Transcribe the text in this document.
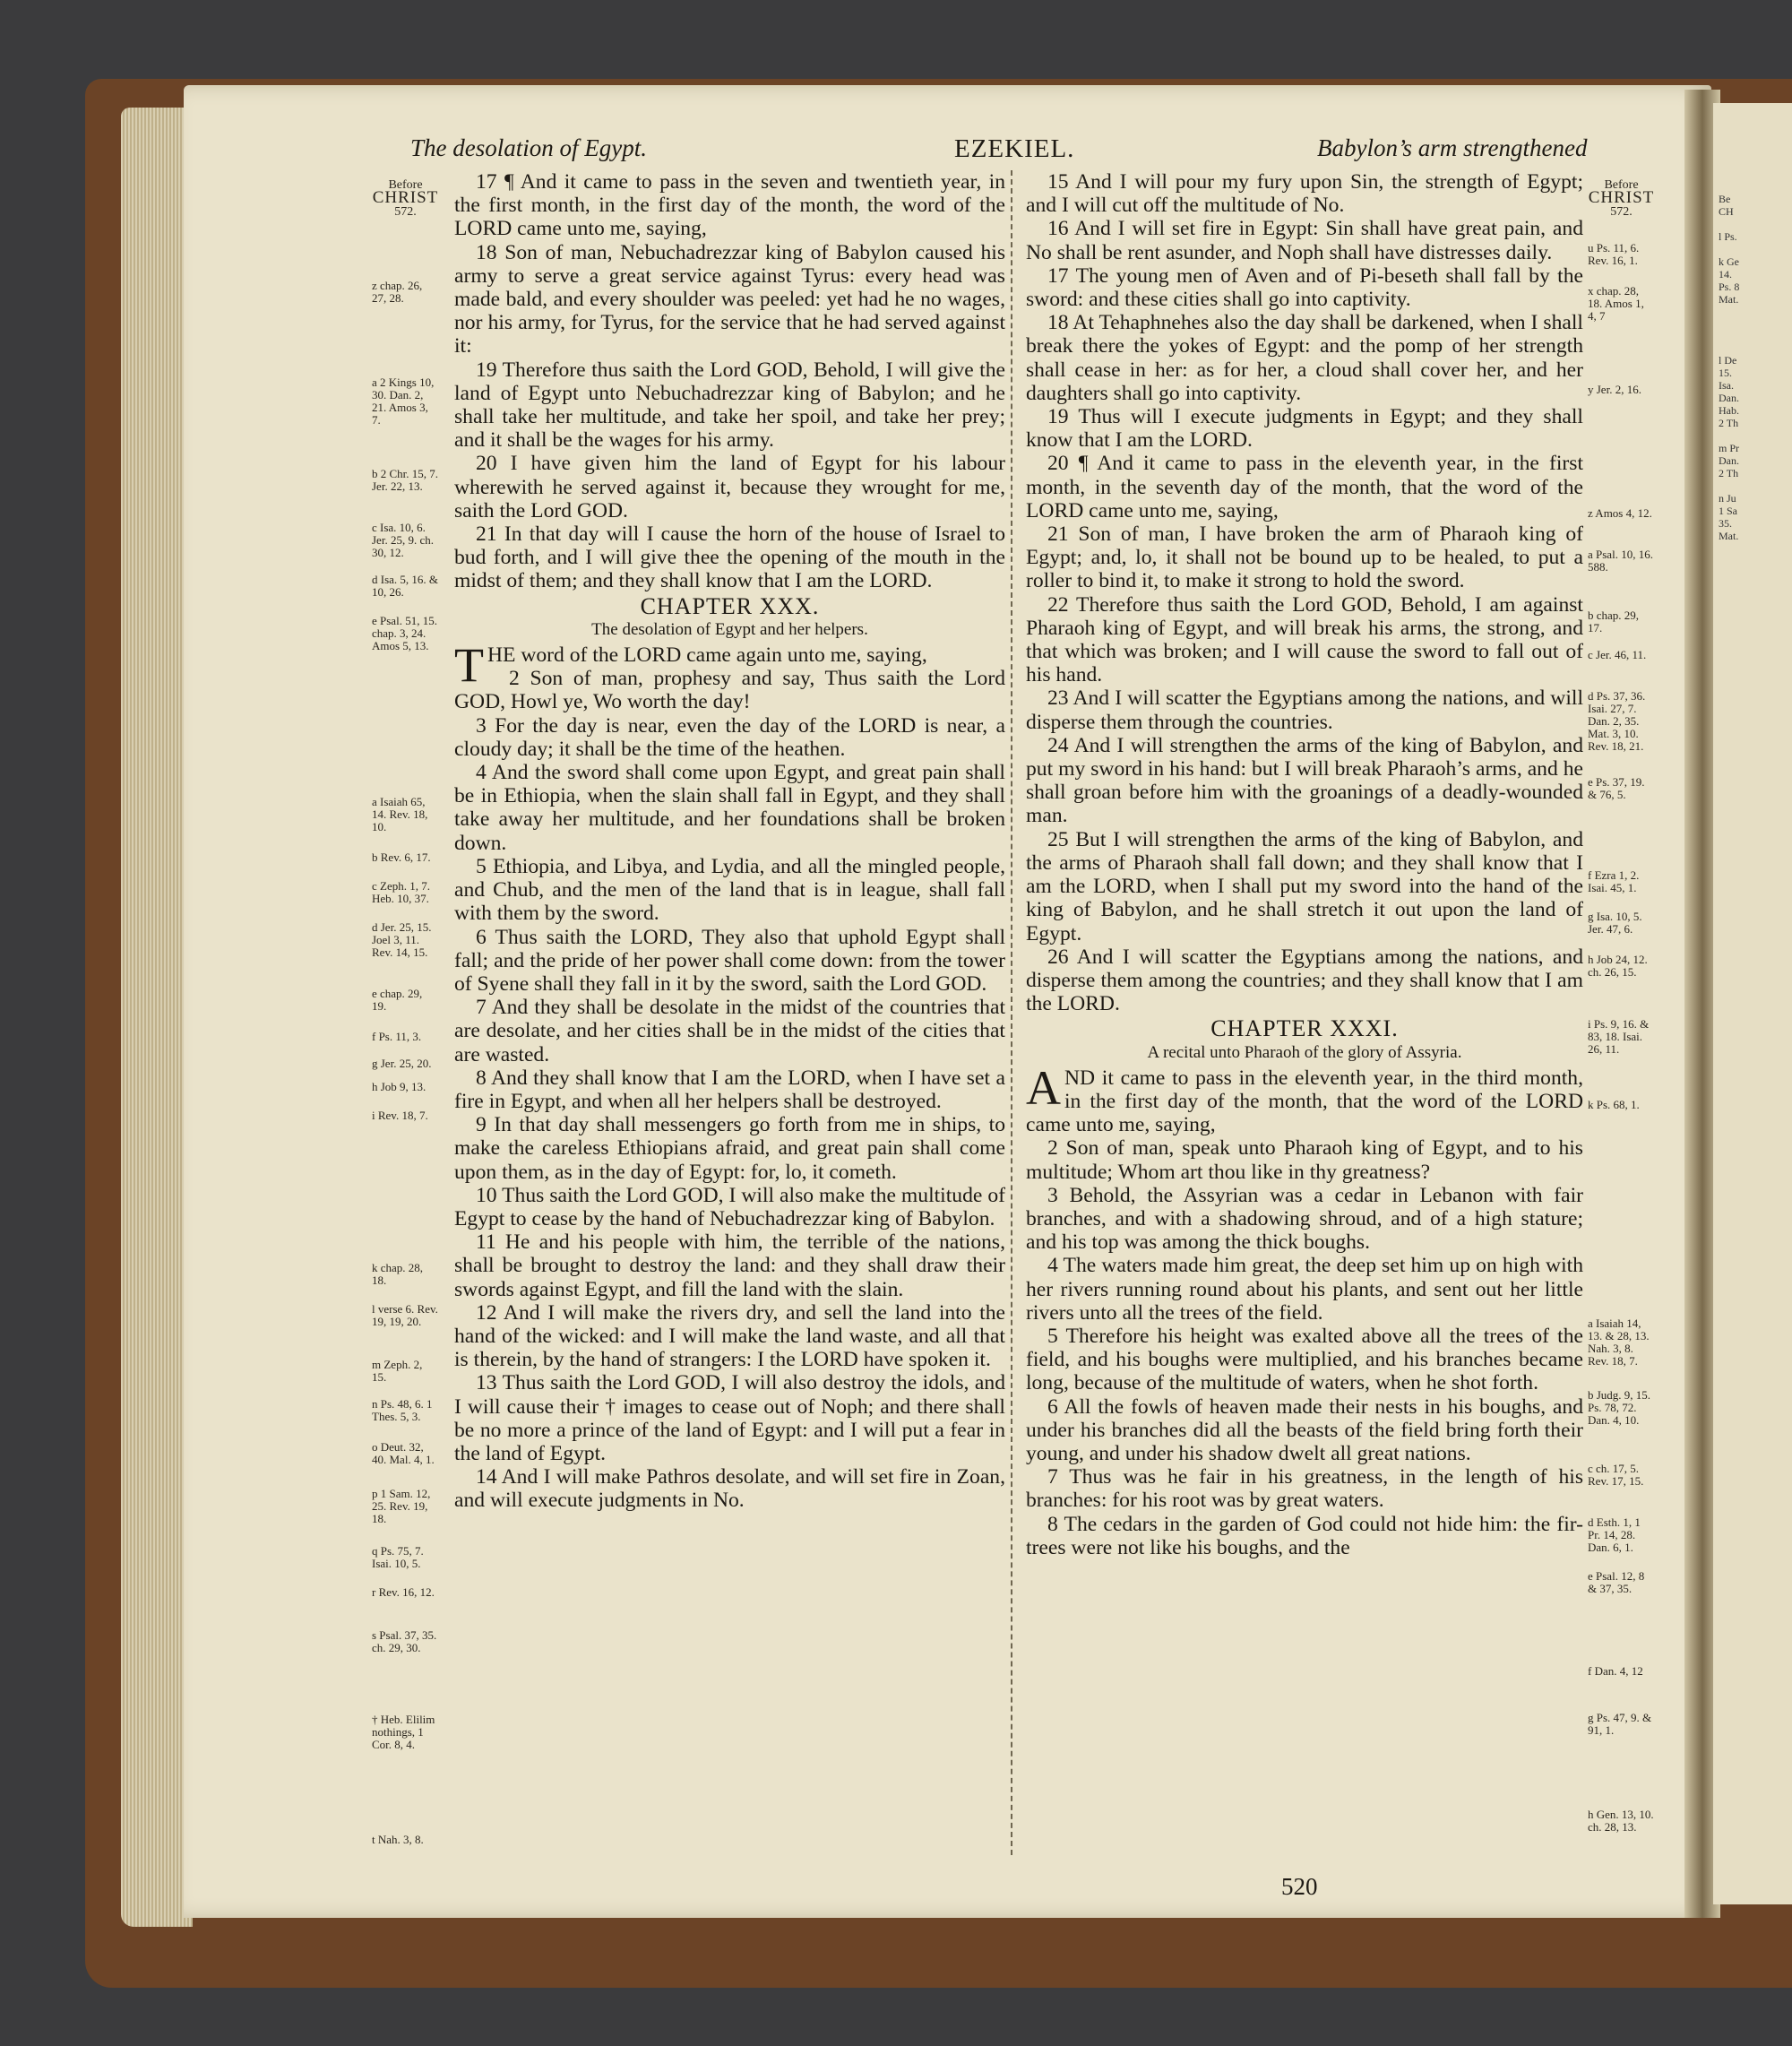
Be
CH

l Ps.

k Ge
14.
Ps. 8
Mat.
l De
15.
Isa.
Dan.
Hab.
2 Th

m Pr
Dan.
2 Th

n Ju
1 Sa
35.
Mat.
The desolation of Egypt.	EZEKIEL.	Babylon’s arm strengthened
Before
CHRIST
572.
Before
CHRIST
572.

17 ¶ And it came to pass in the seven and twentieth year, in the first month, in the first day of the month, the word of the LORD came unto me, saying,

18 Son of man, Nebuchadrezzar king of Babylon caused his army to serve a great service against Tyrus: every head was made bald, and every shoulder was peeled: yet had he no wages, nor his army, for Tyrus, for the service that he had served against it:

19 Therefore thus saith the Lord GOD, Behold, I will give the land of Egypt unto Nebuchadrezzar king of Babylon; and he shall take her multitude, and take her spoil, and take her prey; and it shall be the wages for his army.

20 I have given him the land of Egypt for his labour wherewith he served against it, because they wrought for me, saith the Lord GOD.

21 In that day will I cause the horn of the house of Israel to bud forth, and I will give thee the opening of the mouth in the midst of them; and they shall know that I am the LORD.

CHAPTER XXX.
The desolation of Egypt and her helpers.

THE word of the LORD came again unto me, saying,

2 Son of man, prophesy and say, Thus saith the Lord GOD, Howl ye, Wo worth the day!

3 For the day is near, even the day of the LORD is near, a cloudy day; it shall be the time of the heathen.

4 And the sword shall come upon Egypt, and great pain shall be in Ethiopia, when the slain shall fall in Egypt, and they shall take away her multitude, and her foundations shall be broken down.

5 Ethiopia, and Libya, and Lydia, and all the mingled people, and Chub, and the men of the land that is in league, shall fall with them by the sword.

6 Thus saith the LORD, They also that uphold Egypt shall fall; and the pride of her power shall come down: from the tower of Syene shall they fall in it by the sword, saith the Lord GOD.

7 And they shall be desolate in the midst of the countries that are desolate, and her cities shall be in the midst of the cities that are wasted.

8 And they shall know that I am the LORD, when I have set a fire in Egypt, and when all her helpers shall be destroyed.

9 In that day shall messengers go forth from me in ships, to make the careless Ethiopians afraid, and great pain shall come upon them, as in the day of Egypt: for, lo, it cometh.

10 Thus saith the Lord GOD, I will also make the multitude of Egypt to cease by the hand of Nebuchadrezzar king of Babylon.

11 He and his people with him, the terrible of the nations, shall be brought to destroy the land: and they shall draw their swords against Egypt, and fill the land with the slain.

12 And I will make the rivers dry, and sell the land into the hand of the wicked: and I will make the land waste, and all that is therein, by the hand of strangers: I the LORD have spoken it.

13 Thus saith the Lord GOD, I will also destroy the idols, and I will cause their † images to cease out of Noph; and there shall be no more a prince of the land of Egypt: and I will put a fear in the land of Egypt.

14 And I will make Pathros desolate, and will set fire in Zoan, and will execute judgments in No.

15 And I will pour my fury upon Sin, the strength of Egypt; and I will cut off the multitude of No.

16 And I will set fire in Egypt: Sin shall have great pain, and No shall be rent asunder, and Noph shall have distresses daily.

17 The young men of Aven and of Pi-beseth shall fall by the sword: and these cities shall go into captivity.

18 At Tehaphnehes also the day shall be darkened, when I shall break there the yokes of Egypt: and the pomp of her strength shall cease in her: as for her, a cloud shall cover her, and her daughters shall go into captivity.

19 Thus will I execute judgments in Egypt; and they shall know that I am the LORD.

20 ¶ And it came to pass in the eleventh year, in the first month, in the seventh day of the month, that the word of the LORD came unto me, saying,

21 Son of man, I have broken the arm of Pharaoh king of Egypt; and, lo, it shall not be bound up to be healed, to put a roller to bind it, to make it strong to hold the sword.

22 Therefore thus saith the Lord GOD, Behold, I am against Pharaoh king of Egypt, and will break his arms, the strong, and that which was broken; and I will cause the sword to fall out of his hand.

23 And I will scatter the Egyptians among the nations, and will disperse them through the countries.

24 And I will strengthen the arms of the king of Babylon, and put my sword in his hand: but I will break Pharaoh’s arms, and he shall groan before him with the groanings of a deadly-wounded man.

25 But I will strengthen the arms of the king of Babylon, and the arms of Pharaoh shall fall down; and they shall know that I am the LORD, when I shall put my sword into the hand of the king of Babylon, and he shall stretch it out upon the land of Egypt.

26 And I will scatter the Egyptians among the nations, and disperse them among the countries; and they shall know that I am the LORD.

CHAPTER XXXI.
A recital unto Pharaoh of the glory of Assyria.

AND it came to pass in the eleventh year, in the third month, in the first day of the month, that the word of the LORD came unto me, saying,

2 Son of man, speak unto Pharaoh king of Egypt, and to his multitude; Whom art thou like in thy greatness?

3 Behold, the Assyrian was a cedar in Lebanon with fair branches, and with a shadowing shroud, and of a high stature; and his top was among the thick boughs.

4 The waters made him great, the deep set him up on high with her rivers running round about his plants, and sent out her little rivers unto all the trees of the field.

5 Therefore his height was exalted above all the trees of the field, and his boughs were multiplied, and his branches became long, because of the multitude of waters, when he shot forth.

6 All the fowls of heaven made their nests in his boughs, and under his branches did all the beasts of the field bring forth their young, and under his shadow dwelt all great nations.

7 Thus was he fair in his greatness, in the length of his branches: for his root was by great waters.

8 The cedars in the garden of God could not hide him: the fir-trees were not like his boughs, and the

z chap. 26, 27, 28.
a 2 Kings 10, 30. Dan. 2, 21. Amos 3, 7.
b 2 Chr. 15, 7. Jer. 22, 13.
c Isa. 10, 6. Jer. 25, 9. ch. 30, 12.
d Isa. 5, 16. & 10, 26.
e Psal. 51, 15. chap. 3, 24. Amos 5, 13.
a Isaiah 65, 14. Rev. 18, 10.
b Rev. 6, 17.
c Zeph. 1, 7. Heb. 10, 37.
d Jer. 25, 15. Joel 3, 11. Rev. 14, 15.
e chap. 29, 19.
f Ps. 11, 3.
g Jer. 25, 20.
h Job 9, 13.
i Rev. 18, 7.
k chap. 28, 18.
l verse 6. Rev. 19, 19, 20.
m Zeph. 2, 15.
n Ps. 48, 6. 1 Thes. 5, 3.
o Deut. 32, 40. Mal. 4, 1.
p 1 Sam. 12, 25. Rev. 19, 18.
q Ps. 75, 7. Isai. 10, 5.
r Rev. 16, 12.
s Psal. 37, 35. ch. 29, 30.
† Heb. Elilim nothings, 1 Cor. 8, 4.
t Nah. 3, 8.
u Ps. 11, 6. Rev. 16, 1.
x chap. 28, 18. Amos 1, 4, 7
y Jer. 2, 16.
z Amos 4, 12.
a Psal. 10, 16. 588.
b chap. 29, 17.
c Jer. 46, 11.
d Ps. 37, 36. Isai. 27, 7. Dan. 2, 35. Mat. 3, 10. Rev. 18, 21.
e Ps. 37, 19. & 76, 5.
f Ezra 1, 2. Isai. 45, 1.
g Isa. 10, 5. Jer. 47, 6.
h Job 24, 12. ch. 26, 15.
i Ps. 9, 16. & 83, 18. Isai. 26, 11.
k Ps. 68, 1.
a Isaiah 14, 13. & 28, 13. Nah. 3, 8. Rev. 18, 7.
b Judg. 9, 15. Ps. 78, 72. Dan. 4, 10.
c ch. 17, 5. Rev. 17, 15.
d Esth. 1, 1 Pr. 14, 28. Dan. 6, 1.
e Psal. 12, 8 & 37, 35.
f Dan. 4, 12
g Ps. 47, 9. & 91, 1.
h Gen. 13, 10. ch. 28, 13.
520
